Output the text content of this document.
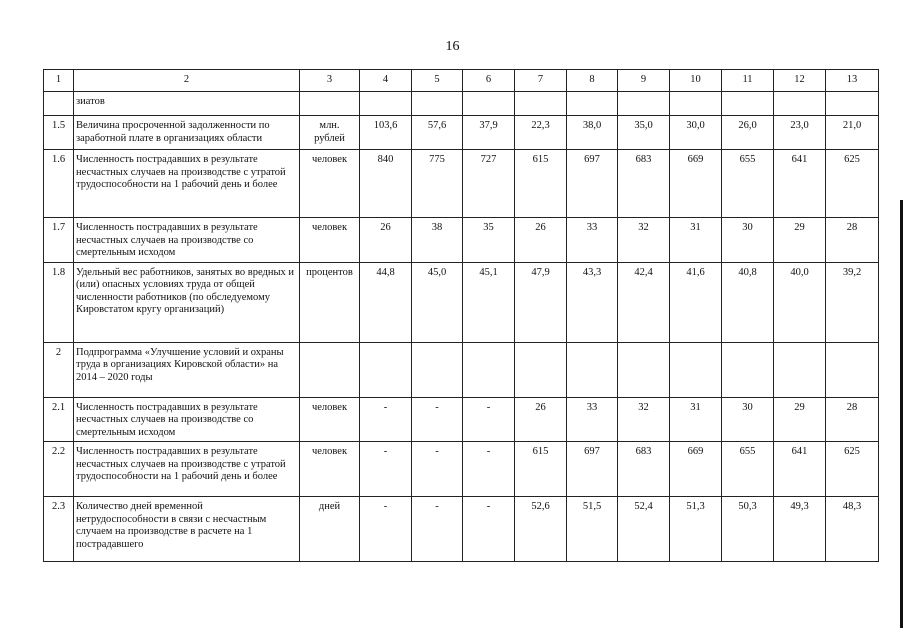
16
1	2	3	4	5	6	7	8	9	10	11	12	13
	зиатов											
1.5	Величина просроченной задолженности по заработной плате в организациях области	млн. рублей	103,6	57,6	37,9	22,3	38,0	35,0	30,0	26,0	23,0	21,0
1.6	Численность пострадавших в результате несчастных случаев на производстве с утратой трудоспособности на 1 рабочий день и более	человек	840	775	727	615	697	683	669	655	641	625
1.7	Численность пострадавших в результате несчастных случаев на производстве со смертельным исходом	человек	26	38	35	26	33	32	31	30	29	28
1.8	Удельный вес работников, занятых во вредных и (или) опасных условиях труда от общей численности работников (по обследуемому Кировстатом кругу организаций)	процентов	44,8	45,0	45,1	47,9	43,3	42,4	41,6	40,8	40,0	39,2
2	Подпрограмма «Улучшение условий и охраны труда в организациях Кировской области» на 2014 – 2020 годы											
2.1	Численность пострадавших в результате несчастных случаев на производстве со смертельным исходом	человек	-	-	-	26	33	32	31	30	29	28
2.2	Численность пострадавших в результате несчастных случаев на производстве с утратой трудоспособности на 1 рабочий день и более	человек	-	-	-	615	697	683	669	655	641	625
2.3	Количество дней временной нетрудоспособности в связи с несчастным случаем на производстве в расчете на 1 пострадавшего	дней	-	-	-	52,6	51,5	52,4	51,3	50,3	49,3	48,3
